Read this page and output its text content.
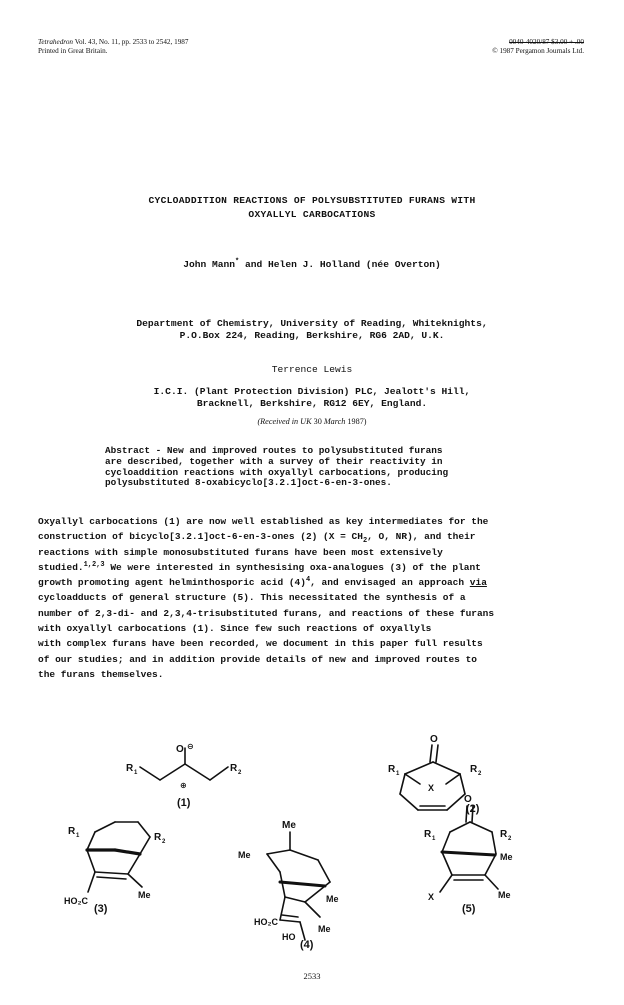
Tetrahedron Vol. 43, No. 11, pp. 2533 to 2542, 1987
Printed in Great Britain.
0040-4020/87 $3.00 + .00
© 1987 Pergamon Journals Ltd.
CYCLOADDITION REACTIONS OF POLYSUBSTITUTED FURANS WITH
OXYALLYL CARBOCATIONS
John Mann* and Helen J. Holland (née Overton)
Department of Chemistry, University of Reading, Whiteknights,
P.O.Box 224, Reading, Berkshire, RG6 2AD, U.K.
Terrence Lewis
I.C.I. (Plant Protection Division) PLC, Jealott's Hill,
Bracknell, Berkshire, RG12 6EY, England.
(Received in UK 30 March 1987)
Abstract - New and improved routes to polysubstituted furans
are described, together with a survey of their reactivity in
cycloaddition reactions with oxyallyl carbocations, producing
polysubstituted 8-oxabicyclo[3.2.1]oct-6-en-3-ones.
Oxyallyl carbocations (1) are now well established as key intermediates for the
construction of bicyclo[3.2.1]oct-6-en-3-ones (2) ($X = CH_2$, O, NR), and their
reactions with simple monosubstituted furans have been most extensively
studied.$^{1,2,3}$ We were interested in synthesising oxa-analogues (3) of the plant
growth promoting agent helminthosporic acid $(4)^4$, and envisaged an approach via
cycloadducts of general structure (5). This necessitated the synthesis of a
number of 2,3-di- and 2,3,4-trisubstituted furans, and reactions of these furans
with oxyallyl carbocations (1). Since few such reactions of oxyallyls
with complex furans have been recorded, we document in this paper full results
of our studies; and in addition provide details of new and improved routes to
the furans themselves.
O ⊖
⊕
R 1	R 2
(1)
O
X
R 1	R 2
(2)
R 1	R 2
HO₂C
Me
(3)
Me
Me
Me
Me
HO₂C
HO
(4)
O
R 1	R 2
Me
X	Me
(5)
2533
